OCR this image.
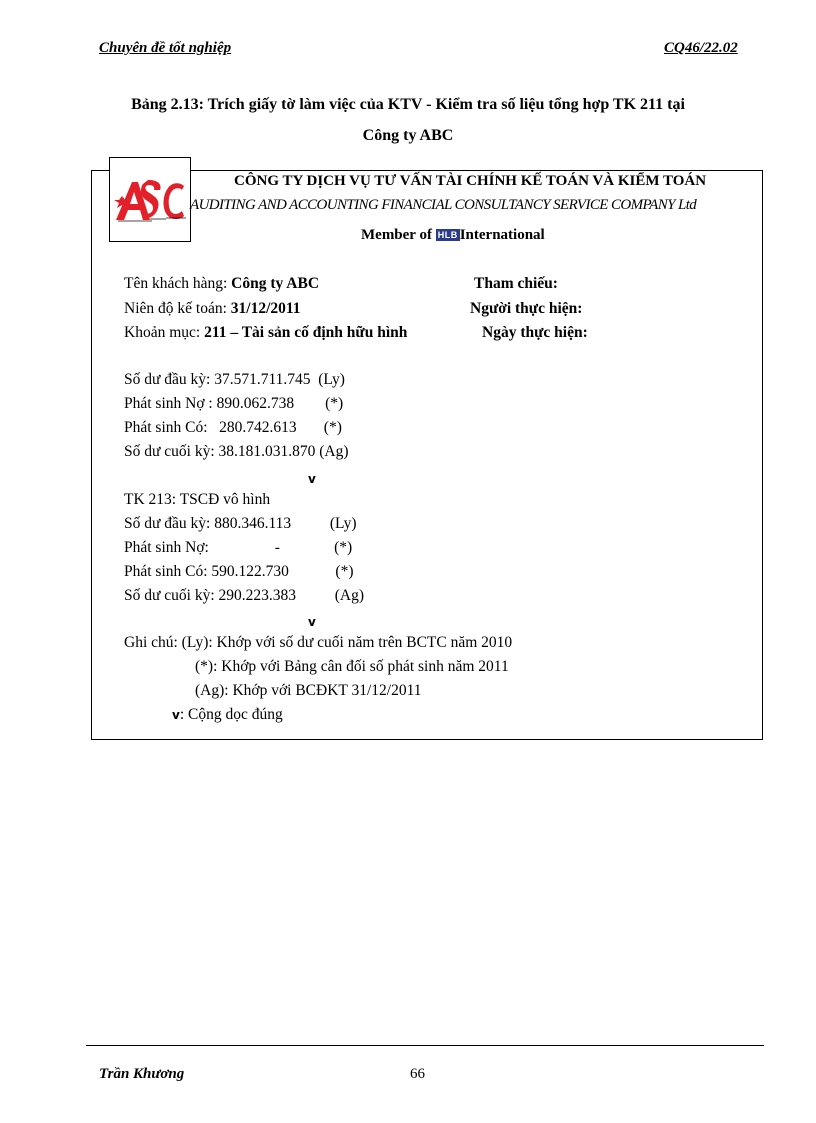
Chuyên đề tốt nghiệp	CQ46/22.02
Bảng 2.13: Trích giấy tờ làm việc của KTV - Kiểm tra số liệu tổng hợp TK 211 tại
Công ty ABC
CÔNG TY DỊCH VỤ TƯ VẤN TÀI CHÍNH KẾ TOÁN VÀ KIỂM TOÁN
AUDITING AND ACCOUNTING FINANCIAL CONSULTANCY SERVICE COMPANY Ltd
Member of HLB International
Tên khách hàng: Công ty ABC
Niên độ kế toán: 31/12/2011
Khoản mục: 211 – Tài sản cố định hữu hình
Tham chiếu:
Người thực hiện:
Ngày thực hiện:
Số dư đầu kỳ: 37.571.711.745  (Ly)
Phát sinh Nợ : 890.062.738        (*)
Phát sinh Có:   280.742.613       (*)
Số dư cuối kỳ: 38.181.031.870 (Ag)
v
TK 213: TSCĐ vô hình
Số dư đầu kỳ: 880.346.113          (Ly)
Phát sinh Nợ:                 -              (*)
Phát sinh Có: 590.122.730            (*)
Số dư cuối kỳ: 290.223.383          (Ag)
v
Ghi chú: (Ly): Khớp với số dư cuối năm trên BCTC năm 2010
(*): Khớp với Bảng cân đối số phát sinh năm 2011
(Ag): Khớp với BCĐKT 31/12/2011
v: Cộng dọc đúng
Trần Khương	66
